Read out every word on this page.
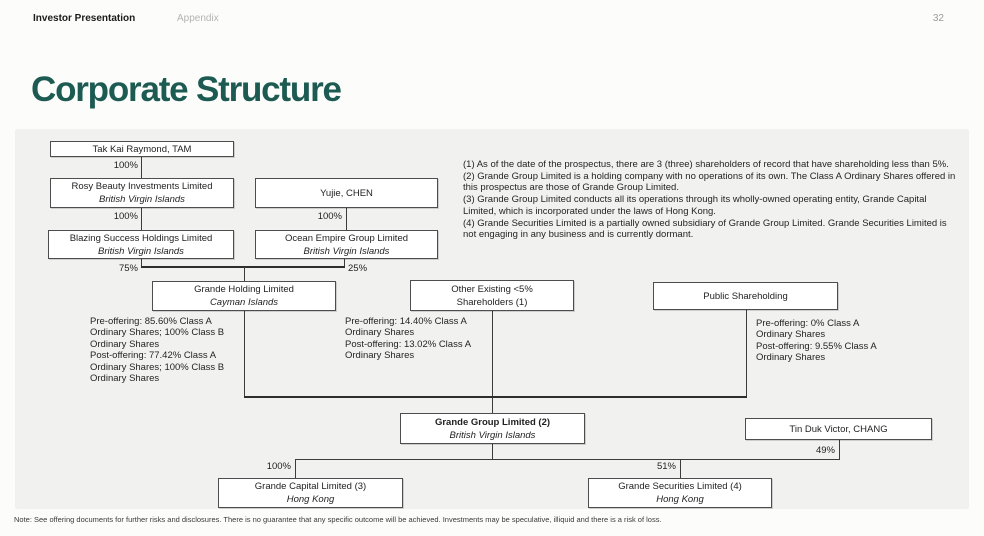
Investor Presentation	Appendix	32
Corporate Structure
100%
100%	100%
75%	25%
100%	51%
49%
Tak Kai Raymond, TAM
Rosy Beauty Investments Limited
British Virgin Islands
Blazing Success Holdings Limited
British Virgin Islands
Yujie, CHEN
Ocean Empire Group Limited
British Virgin Islands
Grande Holding Limited
Cayman Islands
Other Existing <5%
Shareholders (1)
Public Shareholding
Grande Group Limited (2)
British Virgin Islands
Tin Duk Victor, CHANG
Grande Capital Limited (3)
Hong Kong
Grande Securities Limited (4)
Hong Kong
Pre-offering: 85.60% Class A
Ordinary Shares; 100% Class B
Ordinary Shares
Post-offering: 77.42% Class A
Ordinary Shares; 100% Class B
Ordinary Shares
Pre-offering: 14.40% Class A
Ordinary Shares
Post-offering: 13.02% Class A
Ordinary Shares
Pre-offering: 0% Class A
Ordinary Shares
Post-offering: 9.55% Class A
Ordinary Shares
(1) As of the date of the prospectus, there are 3 (three) shareholders of record that have shareholding less than 5%.
(2) Grande Group Limited is a holding company with no operations of its own. The Class A Ordinary Shares offered in this prospectus are those of Grande Group Limited.
(3) Grande Group Limited conducts all its operations through its wholly-owned operating entity, Grande Capital Limited, which is incorporated under the laws of Hong Kong.
(4) Grande Securities Limited is a partially owned subsidiary of Grande Group Limited. Grande Securities Limited is not engaging in any business and is currently dormant.
Note: See offering documents for further risks and disclosures. There is no guarantee that any specific outcome will be achieved. Investments may be speculative, illiquid and there is a risk of loss.
